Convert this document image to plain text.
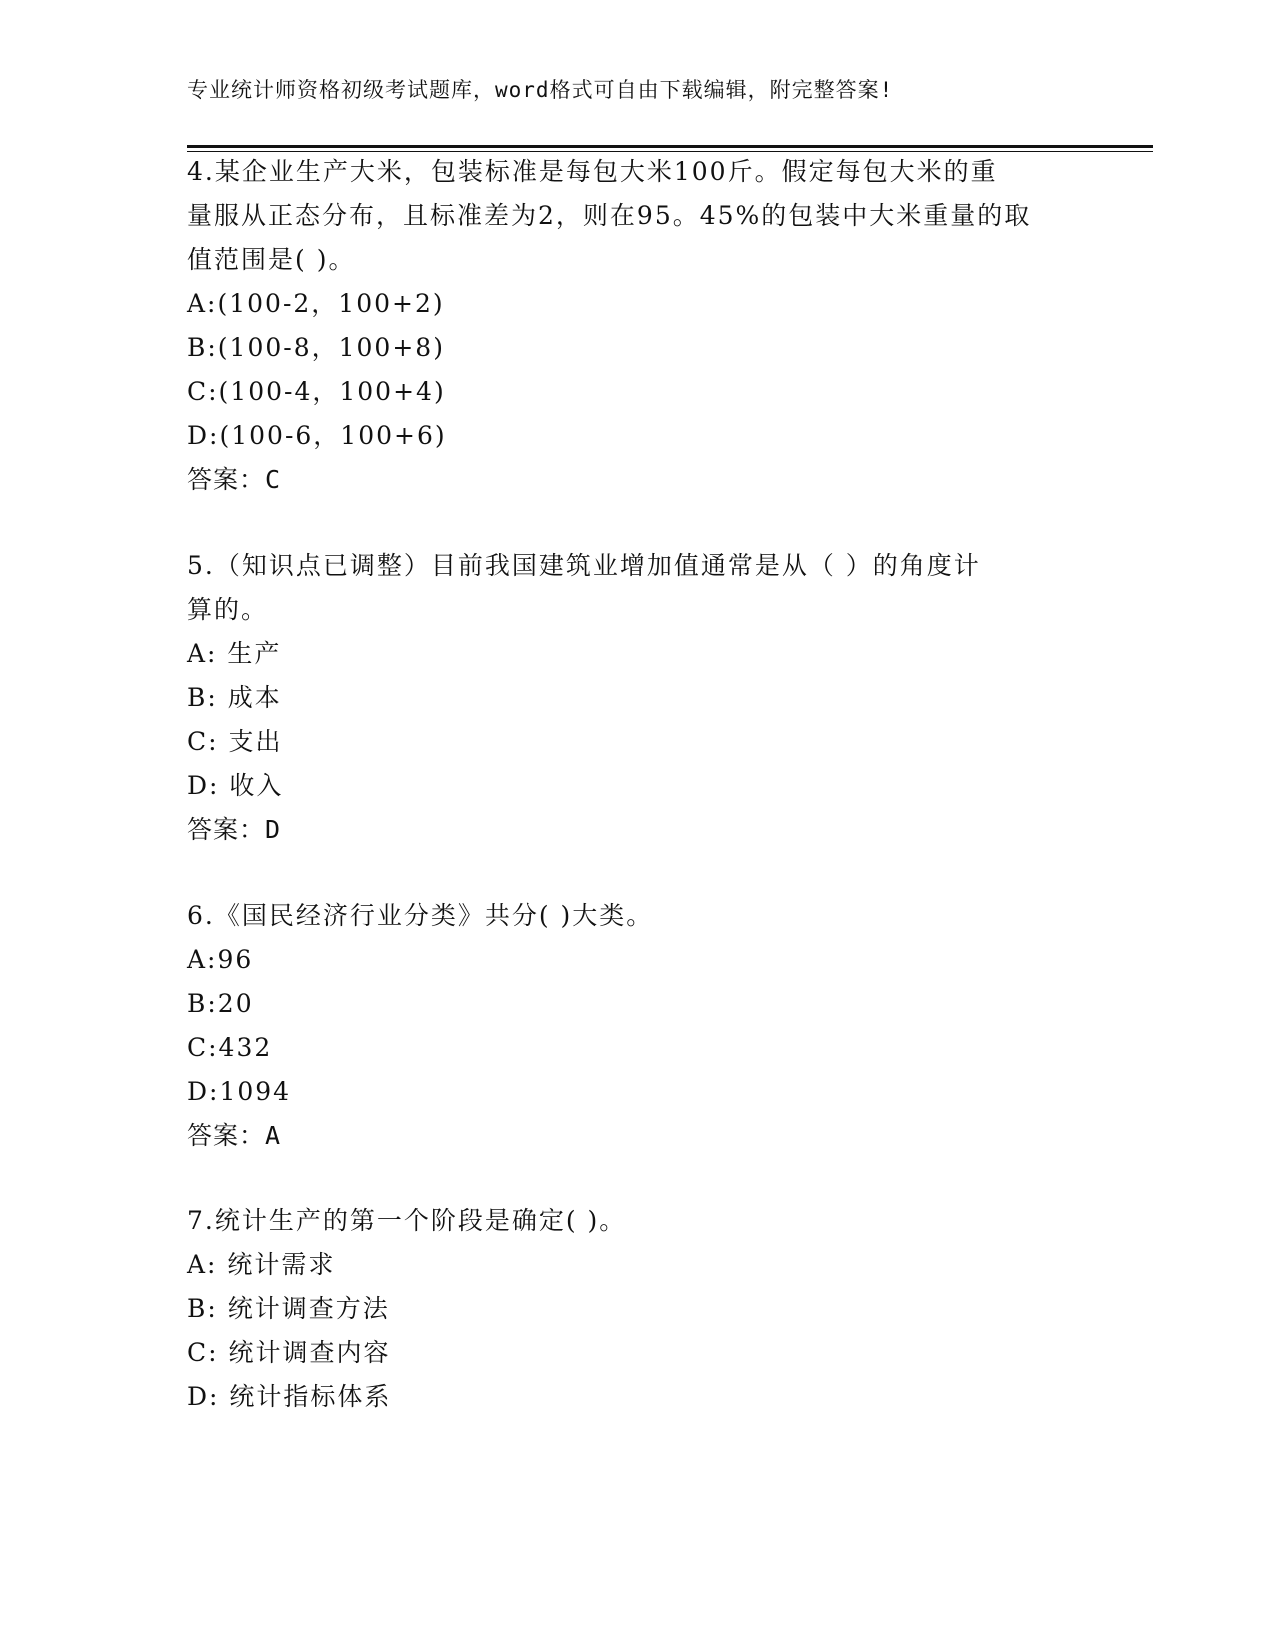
专业统计师资格初级考试题库，word格式可自由下载编辑，附完整答案!
4.某企业生产大米，包装标准是每包大米100斤。假定每包大米的重
量服从正态分布，且标准差为2，则在95。45%的包装中大米重量的取
值范围是( )。
A:(100-2，100+2)
B:(100-8，100+8)
C:(100-4，100+4)
D:(100-6，100+6)
答案：C
5.（知识点已调整）目前我国建筑业增加值通常是从（ ）的角度计
算的。
A: 生产
B: 成本
C: 支出
D: 收入
答案：D
6.《国民经济行业分类》共分( )大类。
A:96
B:20
C:432
D:1094
答案：A
7.统计生产的第一个阶段是确定( )。
A: 统计需求
B: 统计调查方法
C: 统计调查内容
D: 统计指标体系
